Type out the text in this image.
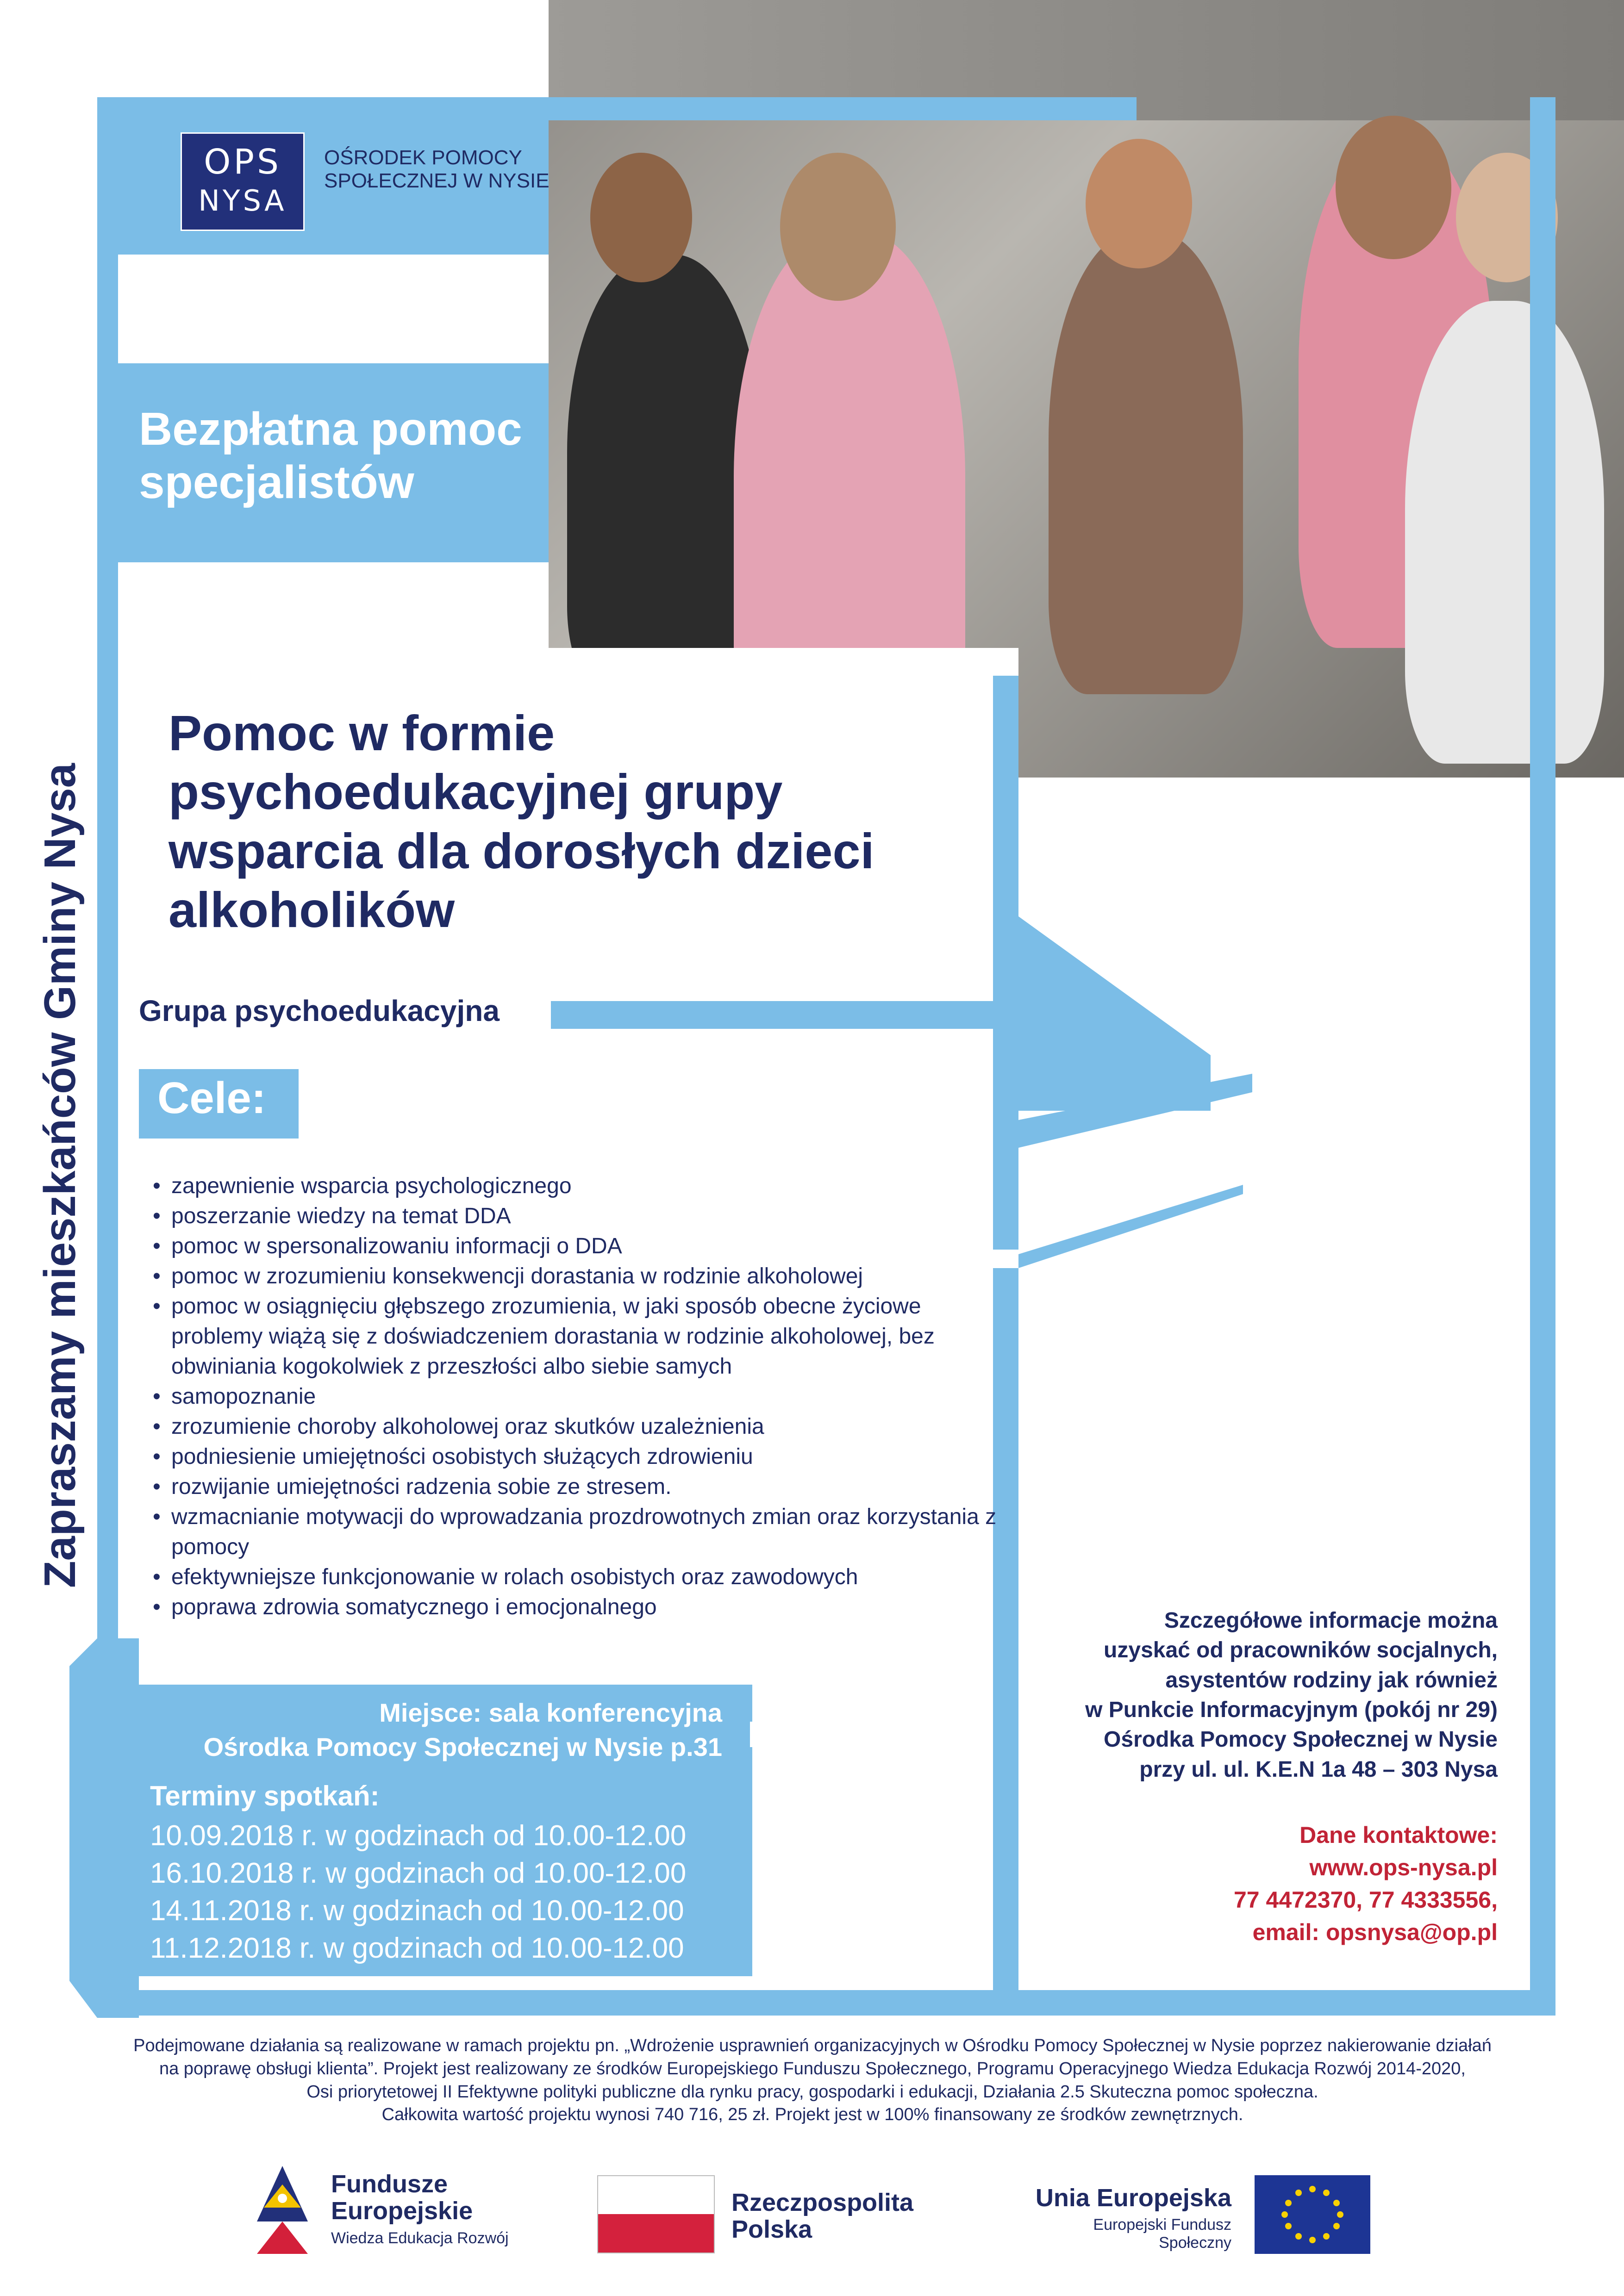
OPS
NYSA
OŚRODEK POMOCY SPOŁECZNEJ W NYSIE
Bezpłatna pomoc specjalistów
Pomoc w formie psychoedukacyjnej grupy wsparcia dla dorosłych dzieci alkoholików
Grupa psychoedukacyjna
Cele:
• zapewnienie wsparcia psychologicznego
• poszerzanie wiedzy na temat DDA
• pomoc w spersonalizowaniu informacji o DDA
• pomoc w zrozumieniu konsekwencji dorastania w rodzinie alkoholowej
• pomoc w osiągnięciu głębszego zrozumienia, w jaki sposób obecne życiowe problemy wiążą się z doświadczeniem dorastania w rodzinie alkoholowej, bez obwiniania kogokolwiek z przeszłości albo siebie samych
• samopoznanie
• zrozumienie choroby alkoholowej oraz skutków uzależnienia
• podniesienie umiejętności osobistych służących zdrowieniu
• rozwijanie umiejętności radzenia sobie ze stresem.
• wzmacnianie motywacji do wprowadzania prozdrowotnych zmian oraz korzystania z pomocy
• efektywniejsze funkcjonowanie w rolach osobistych oraz zawodowych
• poprawa zdrowia somatycznego i emocjonalnego
Miejsce: sala konferencyjna
Ośrodka Pomocy Społecznej w Nysie p.31
Terminy spotkań:
10.09.2018 r. w godzinach od 10.00-12.00
16.10.2018 r. w godzinach od 10.00-12.00
14.11.2018 r. w godzinach od 10.00-12.00
11.12.2018 r. w godzinach od 10.00-12.00
Szczegółowe informacje można
uzyskać od pracowników socjalnych,
asystentów rodziny jak również
w Punkcie Informacyjnym (pokój nr 29)
Ośrodka Pomocy Społecznej w Nysie
przy ul. ul. K.E.N 1a 48 – 303 Nysa
Dane kontaktowe:
www.ops-nysa.pl
77 4472370, 77 4333556,
email: opsnysa@op.pl
Zapraszamy mieszkańców Gminy Nysa
Podejmowane działania są realizowane w ramach projektu pn. „Wdrożenie usprawnień organizacyjnych w Ośrodku Pomocy Społecznej w Nysie poprzez nakierowanie działań
na poprawę obsługi klienta”. Projekt jest realizowany ze środków Europejskiego Funduszu Społecznego, Programu Operacyjnego Wiedza Edukacja Rozwój 2014-2020,
Osi priorytetowej II Efektywne polityki publiczne dla rynku pracy, gospodarki i edukacji, Działania 2.5 Skuteczna pomoc społeczna.
Całkowita wartość projektu wynosi 740 716, 25 zł. Projekt jest w 100% finansowany ze środków zewnętrznych.
Fundusze
Europejskie
Wiedza Edukacja Rozwój
Rzeczpospolita
Polska
Unia Europejska
Europejski Fundusz Społeczny
